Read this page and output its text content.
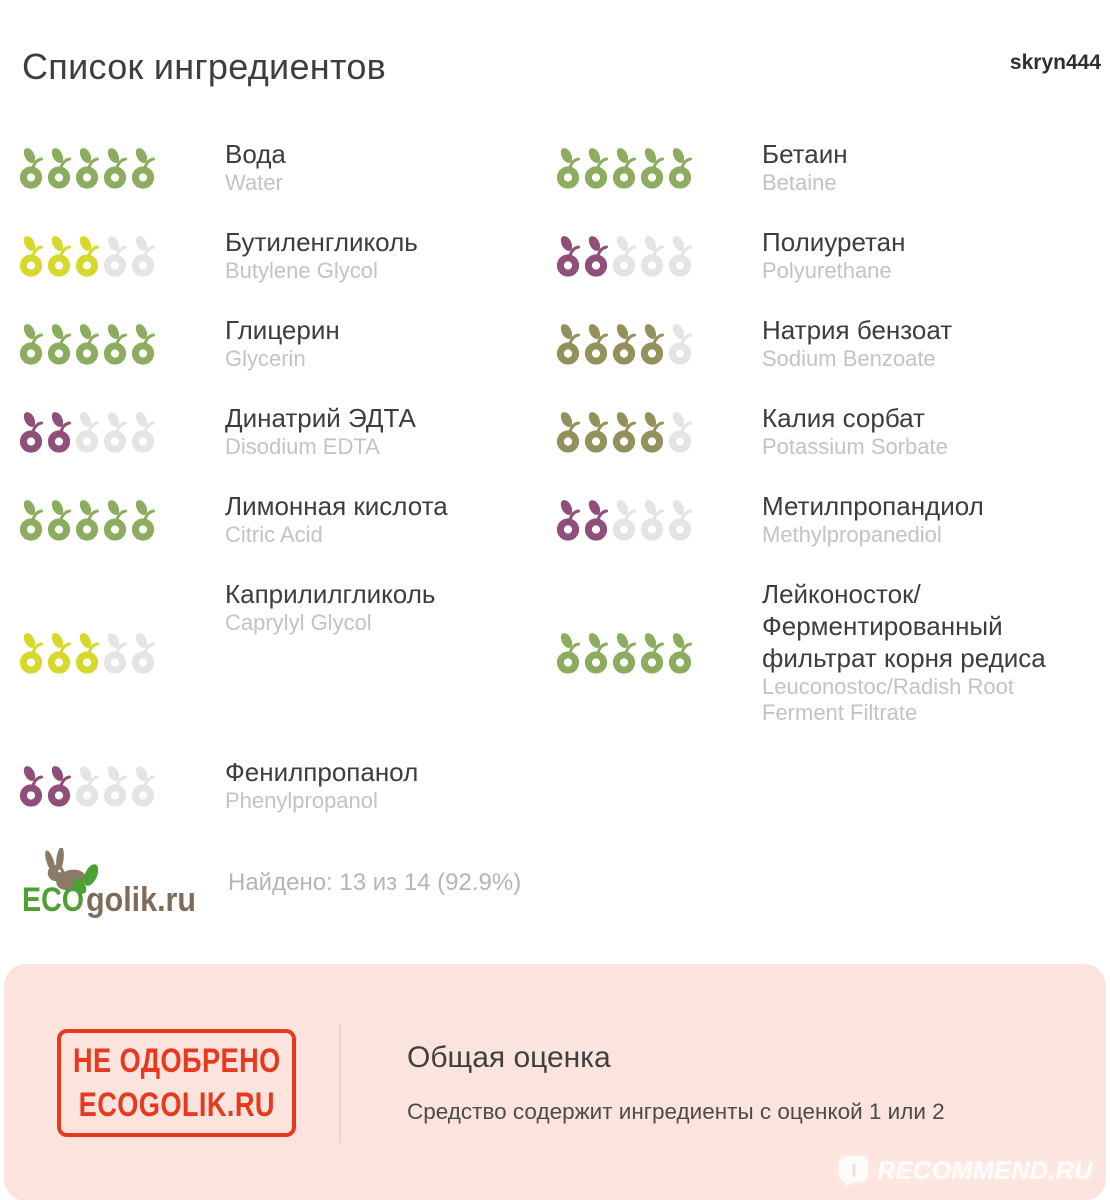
skryn444
Список ингредиентов
Вода
Water
Бетаин
Betaine
Бутиленгликоль
Butylene Glycol
Полиуретан
Polyurethane
Глицерин
Glycerin
Натрия бензоат
Sodium Benzoate
Динатрий ЭДТА
Disodium EDTA
Калия сорбат
Potassium Sorbate
Лимонная кислота
Citric Acid
Метилпропандиол
Methylpropanediol
Каприлилгликоль
Caprylyl Glycol
Лейконосток/Ферментированный фильтрат корня редиса
Leuconostoc/Radish Root Ferment Filtrate
Фенилпропанол
Phenylpropanol
ECO golik.ru Найдено: 13 из 14 (92.9%)
НЕ ОДОБРЕНО
ECOGOLIK.RU
Общая оценка
Средство содержит ингредиенты с оценкой 1 или 2
I RECOMMEND.RU
